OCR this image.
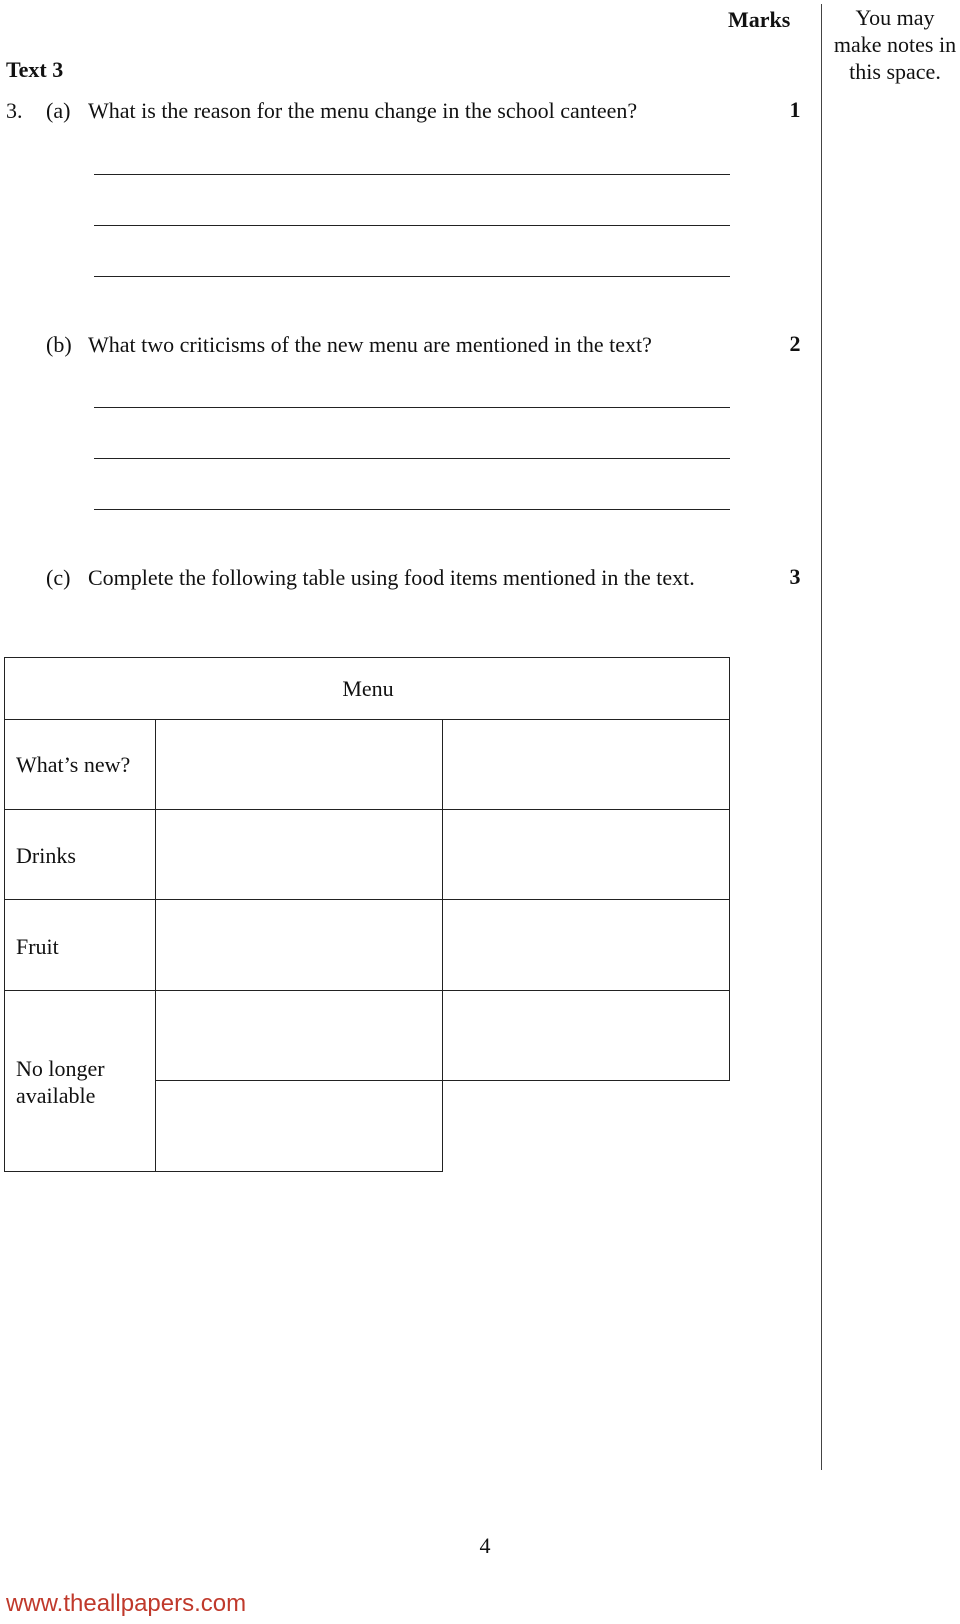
Marks	You may make notes in this space.
Text 3
3. (a) What is the reason for the menu change in the school canteen?	1
(b) What two criticisms of the new menu are mentioned in the text?	2
(c) Complete the following table using food items mentioned in the text.	3
Menu
What’s new?
Drinks
Fruit
No longer available
4
www.theallpapers.com
